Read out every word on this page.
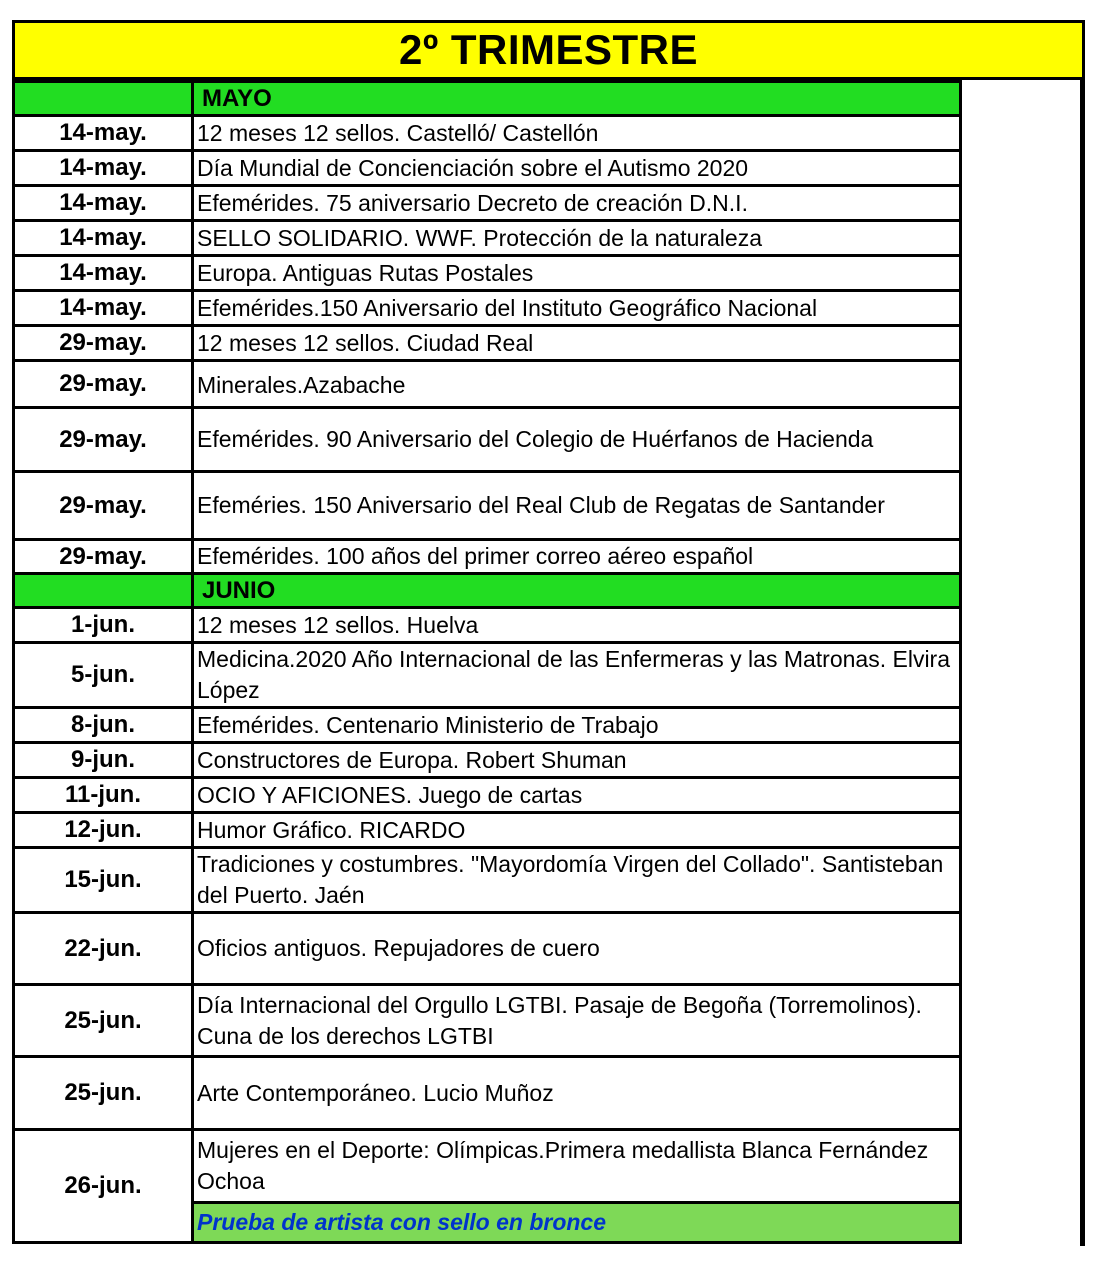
2º TRIMESTRE
	MAYO
14-may.	12 meses 12 sellos. Castelló/ Castellón
14-may.	Día Mundial de Concienciación sobre el Autismo 2020
14-may.	Efemérides. 75 aniversario Decreto de creación D.N.I.
14-may.	SELLO SOLIDARIO. WWF. Protección de la naturaleza
14-may.	Europa. Antiguas Rutas Postales
14-may.	Efemérides.150 Aniversario del Instituto Geográfico Nacional
29-may.	12 meses 12 sellos. Ciudad Real
29-may.	Minerales.Azabache
29-may.	Efemérides. 90 Aniversario del Colegio de Huérfanos de Hacienda
29-may.	Efeméries. 150 Aniversario del Real Club de Regatas de Santander
29-may.	Efemérides. 100 años del primer correo aéreo español
	JUNIO
1-jun.	12 meses 12 sellos. Huelva
5-jun.	Medicina.2020 Año Internacional de las Enfermeras y las Matronas. Elvira López
8-jun.	Efemérides. Centenario Ministerio de Trabajo
9-jun.	Constructores de Europa. Robert Shuman
11-jun.	OCIO Y AFICIONES. Juego de cartas
12-jun.	Humor Gráfico. RICARDO
15-jun.	Tradiciones y costumbres. "Mayordomía Virgen del Collado". Santisteban del Puerto. Jaén
22-jun.	Oficios antiguos. Repujadores de cuero
25-jun.	Día Internacional del Orgullo LGTBI. Pasaje de Begoña (Torremolinos). Cuna de los derechos LGTBI
25-jun.	Arte Contemporáneo. Lucio Muñoz
26-jun.	Mujeres en el Deporte: Olímpicas.Primera medallista Blanca Fernández Ochoa
	Prueba de artista con sello en bronce
